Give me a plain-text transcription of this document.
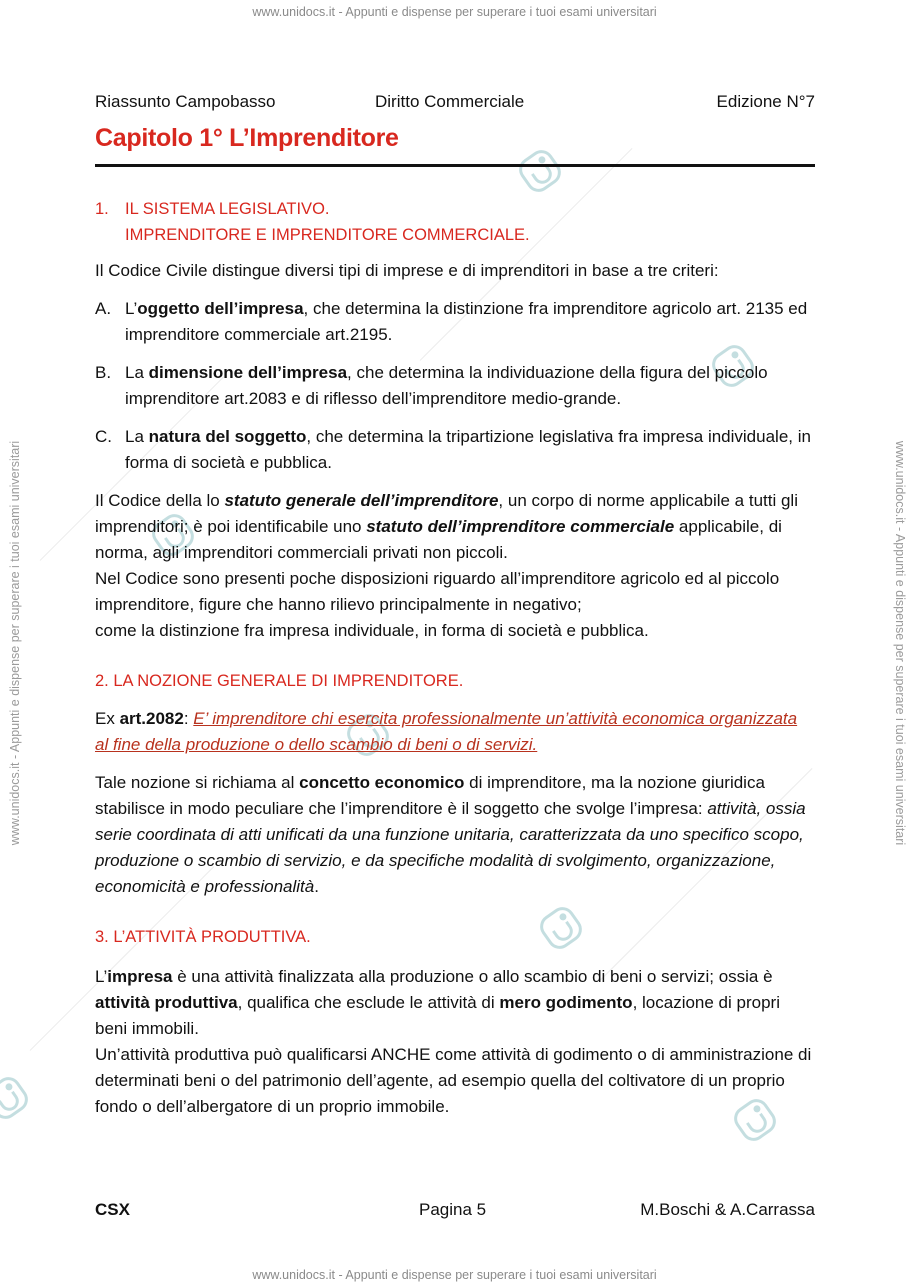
www.unidocs.it - Appunti e dispense per superare i tuoi esami universitari
www.unidocs.it - Appunti e dispense per superare i tuoi esami universitari
www.unidocs.it - Appunti e dispense per superare i tuoi esami universitari	www.unidocs.it - Appunti e dispense per superare i tuoi esami universitari
Riassunto Campobasso	Diritto Commerciale	Edizione N°7
Capitolo 1° L’Imprenditore
1. IL SISTEMA LEGISLATIVO.
IMPRENDITORE E IMPRENDITORE COMMERCIALE.

Il Codice Civile distingue diversi tipi di imprese e di imprenditori in base a tre criteri:

A. L’oggetto dell’impresa, che determina la distinzione fra imprenditore agricolo art. 2135 ed imprenditore commerciale art.2195.
B. La dimensione dell’impresa, che determina la individuazione della figura del piccolo imprenditore art.2083 e di riflesso dell’imprenditore medio-grande.
C. La natura del soggetto, che determina la tripartizione legislativa fra impresa individuale, in forma di società e pubblica.

Il Codice della lo statuto generale dell’imprenditore, un corpo di norme applicabile a tutti gli imprenditori; è poi identificabile uno statuto dell’imprenditore commerciale applicabile, di norma, agli imprenditori commerciali privati non piccoli.

Nel Codice sono presenti poche disposizioni riguardo all’imprenditore agricolo ed al piccolo imprenditore, figure che hanno rilievo principalmente in negativo;

come la distinzione fra impresa individuale, in forma di società e pubblica.

2. LA NOZIONE GENERALE DI IMPRENDITORE.

Ex art.2082: E’ imprenditore chi esercita professionalmente un’attività economica organizzata al fine della produzione o dello scambio di beni o di servizi.

Tale nozione si richiama al concetto economico di imprenditore, ma la nozione giuridica stabilisce in modo peculiare che l’imprenditore è il soggetto che svolge l’impresa: attività, ossia serie coordinata di atti unificati da una funzione unitaria, caratterizzata da uno specifico scopo, produzione o scambio di servizio, e da specifiche modalità di svolgimento, organizzazione, economicità e professionalità.

3. L’ATTIVITÀ PRODUTTIVA.

L’impresa è una attività finalizzata alla produzione o allo scambio di beni o servizi; ossia è attività produttiva, qualifica che esclude le attività di mero godimento, locazione di propri beni immobili.

Un’attività produttiva può qualificarsi ANCHE come attività di godimento o di amministrazione di determinati beni o del patrimonio dell’agente, ad esempio quella del coltivatore di un proprio fondo o dell’albergatore di un proprio immobile.

CSX	Pagina 5	M.Boschi & A.Carrassa
